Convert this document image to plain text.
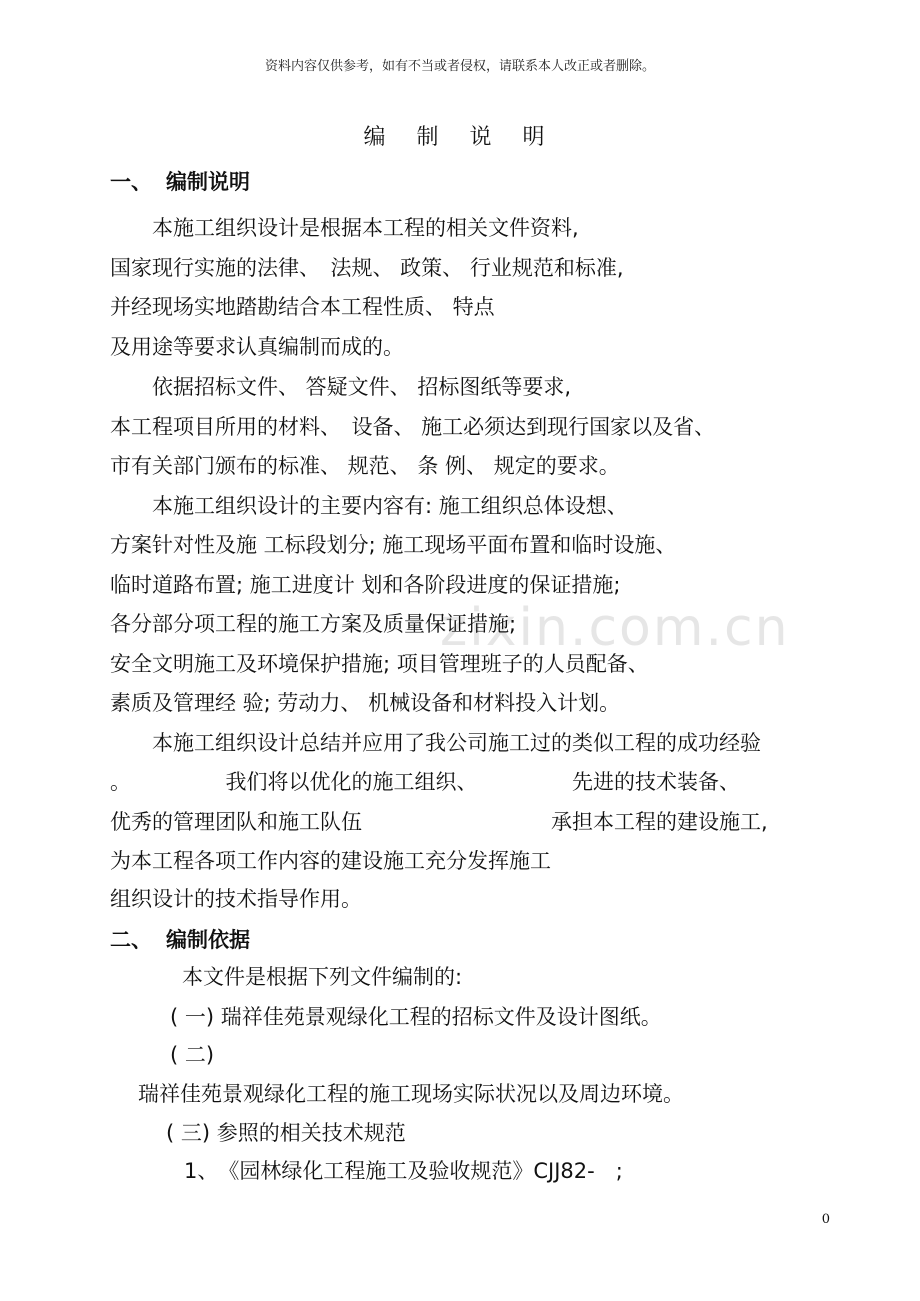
资料内容仅供参考，如有不当或者侵权，请联系本人改正或者删除。
zixin.com.cn
编 制 说 明
一、 编制说明
本施工组织设计是根据本工程的相关文件资料,
国家现行实施的法律、　法规、 政策、 行业规范和标准,
并经现场实地踏勘结合本工程性质、 特点
及用途等要求认真编制而成的。
依据招标文件、 答疑文件、 招标图纸等要求,
本工程项目所用的材料、　设备、 施工必须达到现行国家以及省、
市有关部门颁布的标准、 规范、 条 例、 规定的要求。
本施工组织设计的主要内容有: 施工组织总体设想、
方案针对性及施 工标段划分; 施工现场平面布置和临时设施、
临时道路布置; 施工进度计 划和各阶段进度的保证措施;
各分部分项工程的施工方案及质量保证措施;
安全文明施工及环境保护措施; 项目管理班子的人员配备、
素质及管理经 验; 劳动力、 机械设备和材料投入计划。
本施工组织设计总结并应用了我公司施工过的类似工程的成功经验
。　　　　　我们将以优化的施工组织、　　　　　先进的技术装备、
优秀的管理团队和施工队伍　　　　　　　　　承担本工程的建设施工,
为本工程各项工作内容的建设施工充分发挥施工
组织设计的技术指导作用。
二、 编制依据
本文件是根据下列文件编制的:
( 一) 瑞祥佳苑景观绿化工程的招标文件及设计图纸。
( 二)
瑞祥佳苑景观绿化工程的施工现场实际状况以及周边环境。
( 三) 参照的相关技术规范
1、　《园林绿化工程施工及验收规范》CJJ82-　;
0
